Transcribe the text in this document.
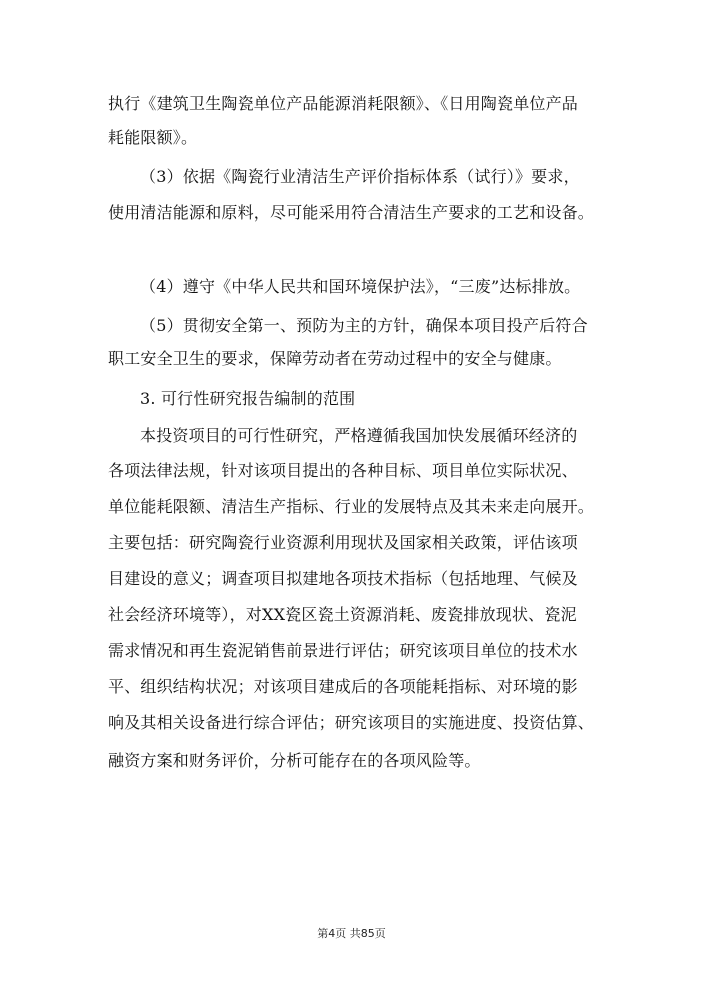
执行《建筑卫生陶瓷单位产品能源消耗限额》、《日用陶瓷单位产品
耗能限额》。
（3）依据《陶瓷行业清洁生产评价指标体系（试行）》要求，
使用清洁能源和原料，尽可能采用符合清洁生产要求的工艺和设备。
（4）遵守《中华人民共和国环境保护法》，“三废”达标排放。
（5）贯彻安全第一、预防为主的方针，确保本项目投产后符合
职工安全卫生的要求，保障劳动者在劳动过程中的安全与健康。
3. 可行性研究报告编制的范围
本投资项目的可行性研究，严格遵循我国加快发展循环经济的
各项法律法规，针对该项目提出的各种目标、项目单位实际状况、
单位能耗限额、清洁生产指标、行业的发展特点及其未来走向展开。
主要包括：研究陶瓷行业资源利用现状及国家相关政策，评估该项
目建设的意义；调查项目拟建地各项技术指标（包括地理、气候及
社会经济环境等），对XX瓷区瓷土资源消耗、废瓷排放现状、瓷泥
需求情况和再生瓷泥销售前景进行评估；研究该项目单位的技术水
平、组织结构状况；对该项目建成后的各项能耗指标、对环境的影
响及其相关设备进行综合评估；研究该项目的实施进度、投资估算、
融资方案和财务评价，分析可能存在的各项风险等。
第4页 共85页
